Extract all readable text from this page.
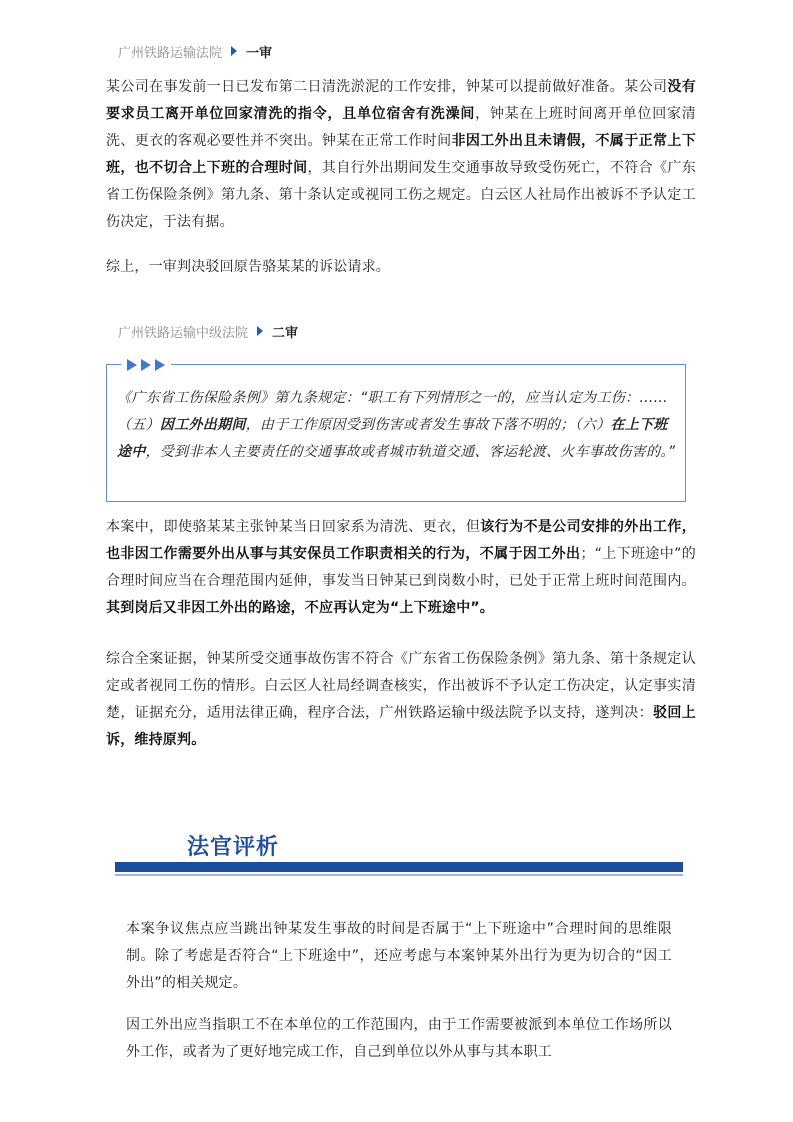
广州铁路运输法院 一审

某公司在事发前一日已发布第二日清洗淤泥的工作安排，钟某可以提前做好准备。某公司没有要求员工离开单位回家清洗的指令，且单位宿舍有洗澡间，钟某在上班时间离开单位回家清洗、更衣的客观必要性并不突出。钟某在正常工作时间非因工外出且未请假，不属于正常上下班，也不切合上下班的合理时间，其自行外出期间发生交通事故导致受伤死亡，不符合《广东省工伤保险条例》第九条、第十条认定或视同工伤之规定。白云区人社局作出被诉不予认定工伤决定，于法有据。

综上，一审判决驳回原告骆某某的诉讼请求。

广州铁路运输中级法院 二审

《广东省工伤保险条例》第九条规定：“职工有下列情形之一的，应当认定为工伤：……（五）因工外出期间，由于工作原因受到伤害或者发生事故下落不明的；（六）在上下班途中，受到非本人主要责任的交通事故或者城市轨道交通、客运轮渡、火车事故伤害的。”

本案中，即使骆某某主张钟某当日回家系为清洗、更衣，但该行为不是公司安排的外出工作，也非因工作需要外出从事与其安保员工作职责相关的行为，不属于因工外出；“上下班途中”的合理时间应当在合理范围内延伸，事发当日钟某已到岗数小时，已处于正常上班时间范围内。其到岗后又非因工外出的路途，不应再认定为“上下班途中”。

综合全案证据，钟某所受交通事故伤害不符合《广东省工伤保险条例》第九条、第十条规定认定或者视同工伤的情形。白云区人社局经调查核实，作出被诉不予认定工伤决定，认定事实清楚，证据充分，适用法律正确，程序合法，广州铁路运输中级法院予以支持，遂判决：驳回上诉，维持原判。

法官评析

本案争议焦点应当跳出钟某发生事故的时间是否属于“上下班途中”合理时间的思维限制。除了考虑是否符合“上下班途中”，还应考虑与本案钟某外出行为更为切合的“因工外出”的相关规定。

因工外出应当指职工不在本单位的工作范围内，由于工作需要被派到本单位工作场所以外工作，或者为了更好地完成工作，自己到单位以外从事与其本职工
